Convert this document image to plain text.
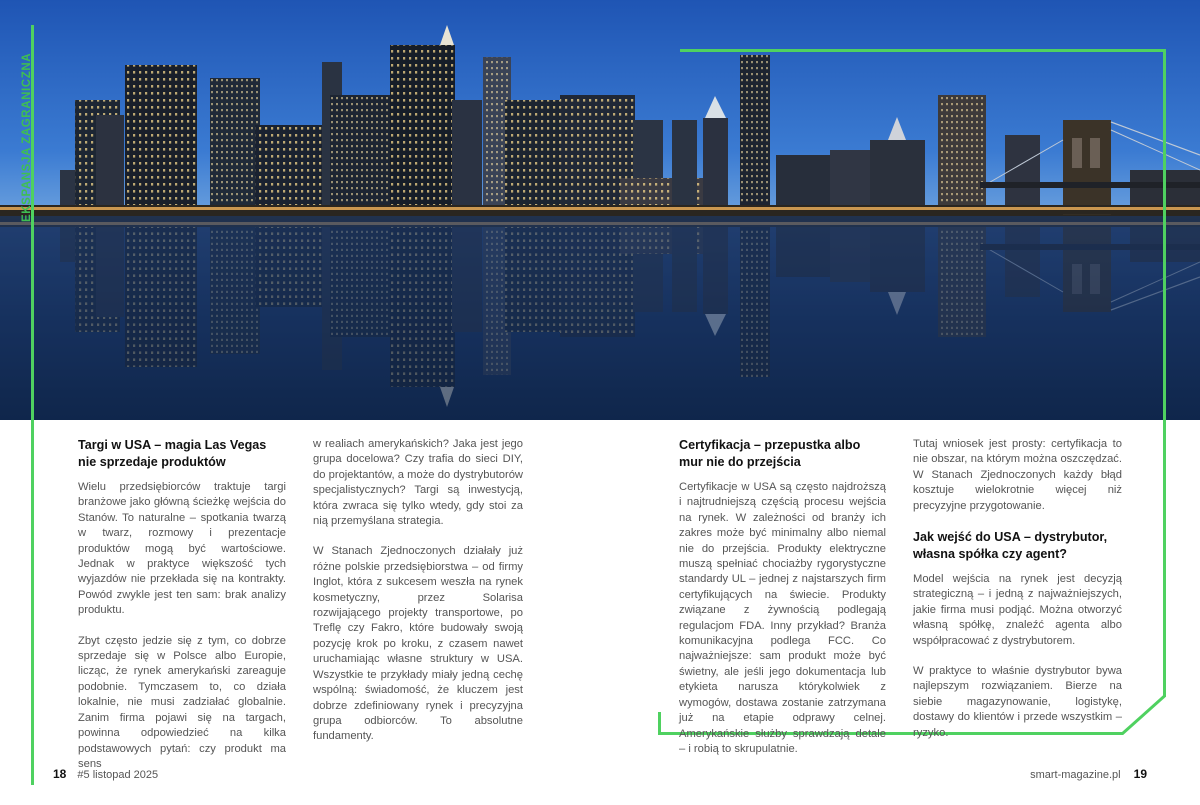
EKSPANSJA ZAGRANICZNA
Targi w USA – magia Las Vegas nie sprzedaje produktów

Wielu przedsiębiorców traktuje targi branżowe jako główną ścieżkę wejścia do Stanów. To naturalne – spotkania twarzą w twarz, rozmowy i prezentacje produktów mogą być wartościowe. Jednak w praktyce większość tych wyjazdów nie przekłada się na kontrakty. Powód zwykle jest ten sam: brak analizy produktu.

Zbyt często jedzie się z tym, co dobrze sprzedaje się w Polsce albo Europie, licząc, że rynek amerykański zareaguje podobnie. Tymczasem to, co działa lokalnie, nie musi zadziałać globalnie. Zanim firma pojawi się na targach, powinna odpowiedzieć na kilka podstawowych pytań: czy produkt ma sens

w realiach amerykańskich? Jaka jest jego grupa docelowa? Czy trafia do sieci DIY, do projektantów, a może do dystrybutorów specjalistycznych? Targi są inwestycją, która zwraca się tylko wtedy, gdy stoi za nią przemyślana strategia.

W Stanach Zjednoczonych działały już różne polskie przedsiębiorstwa – od firmy Inglot, która z sukcesem weszła na rynek kosmetyczny, przez Solarisa rozwijającego projekty transportowe, po Treflę czy Fakro, które budowały swoją pozycję krok po kroku, z czasem nawet uruchamiając własne struktury w USA. Wszystkie te przykłady miały jedną cechę wspólną: świadomość, że kluczem jest dobrze zdefiniowany rynek i precyzyjna grupa odbiorców. To absolutne fundamenty.

Certyfikacja – przepustka albo mur nie do przejścia

Certyfikacje w USA są często najdroższą i najtrudniejszą częścią procesu wejścia na rynek. W zależności od branży ich zakres może być minimalny albo niemal nie do przejścia. Produkty elektryczne muszą spełniać chociażby rygorystyczne standardy UL – jednej z najstarszych firm certyfikujących na świecie. Produkty związane z żywnością podlegają regulacjom FDA. Inny przykład? Branża komunikacyjna podlega FCC. Co najważniejsze: sam produkt może być świetny, ale jeśli jego dokumentacja lub etykieta narusza którykolwiek z wymogów, dostawa zostanie zatrzymana już na etapie odprawy celnej. Amerykańskie służby sprawdzają detale – i robią to skrupulatnie.

Tutaj wniosek jest prosty: certyfikacja to nie obszar, na którym można oszczędzać. W Stanach Zjednoczonych każdy błąd kosztuje wielokrotnie więcej niż precyzyjne przygotowanie.

Jak wejść do USA – dystrybutor, własna spółka czy agent?

Model wejścia na rynek jest decyzją strategiczną – i jedną z najważniejszych, jakie firma musi podjąć. Można otworzyć własną spółkę, znaleźć agenta albo współpracować z dystrybutorem.

W praktyce to właśnie dystrybutor bywa najlepszym rozwiązaniem. Bierze na siebie magazynowanie, logistykę, dostawy do klientów i przede wszystkim – ryzyko.

18 #5 listopad 2025	smart-magazine.pl 19
